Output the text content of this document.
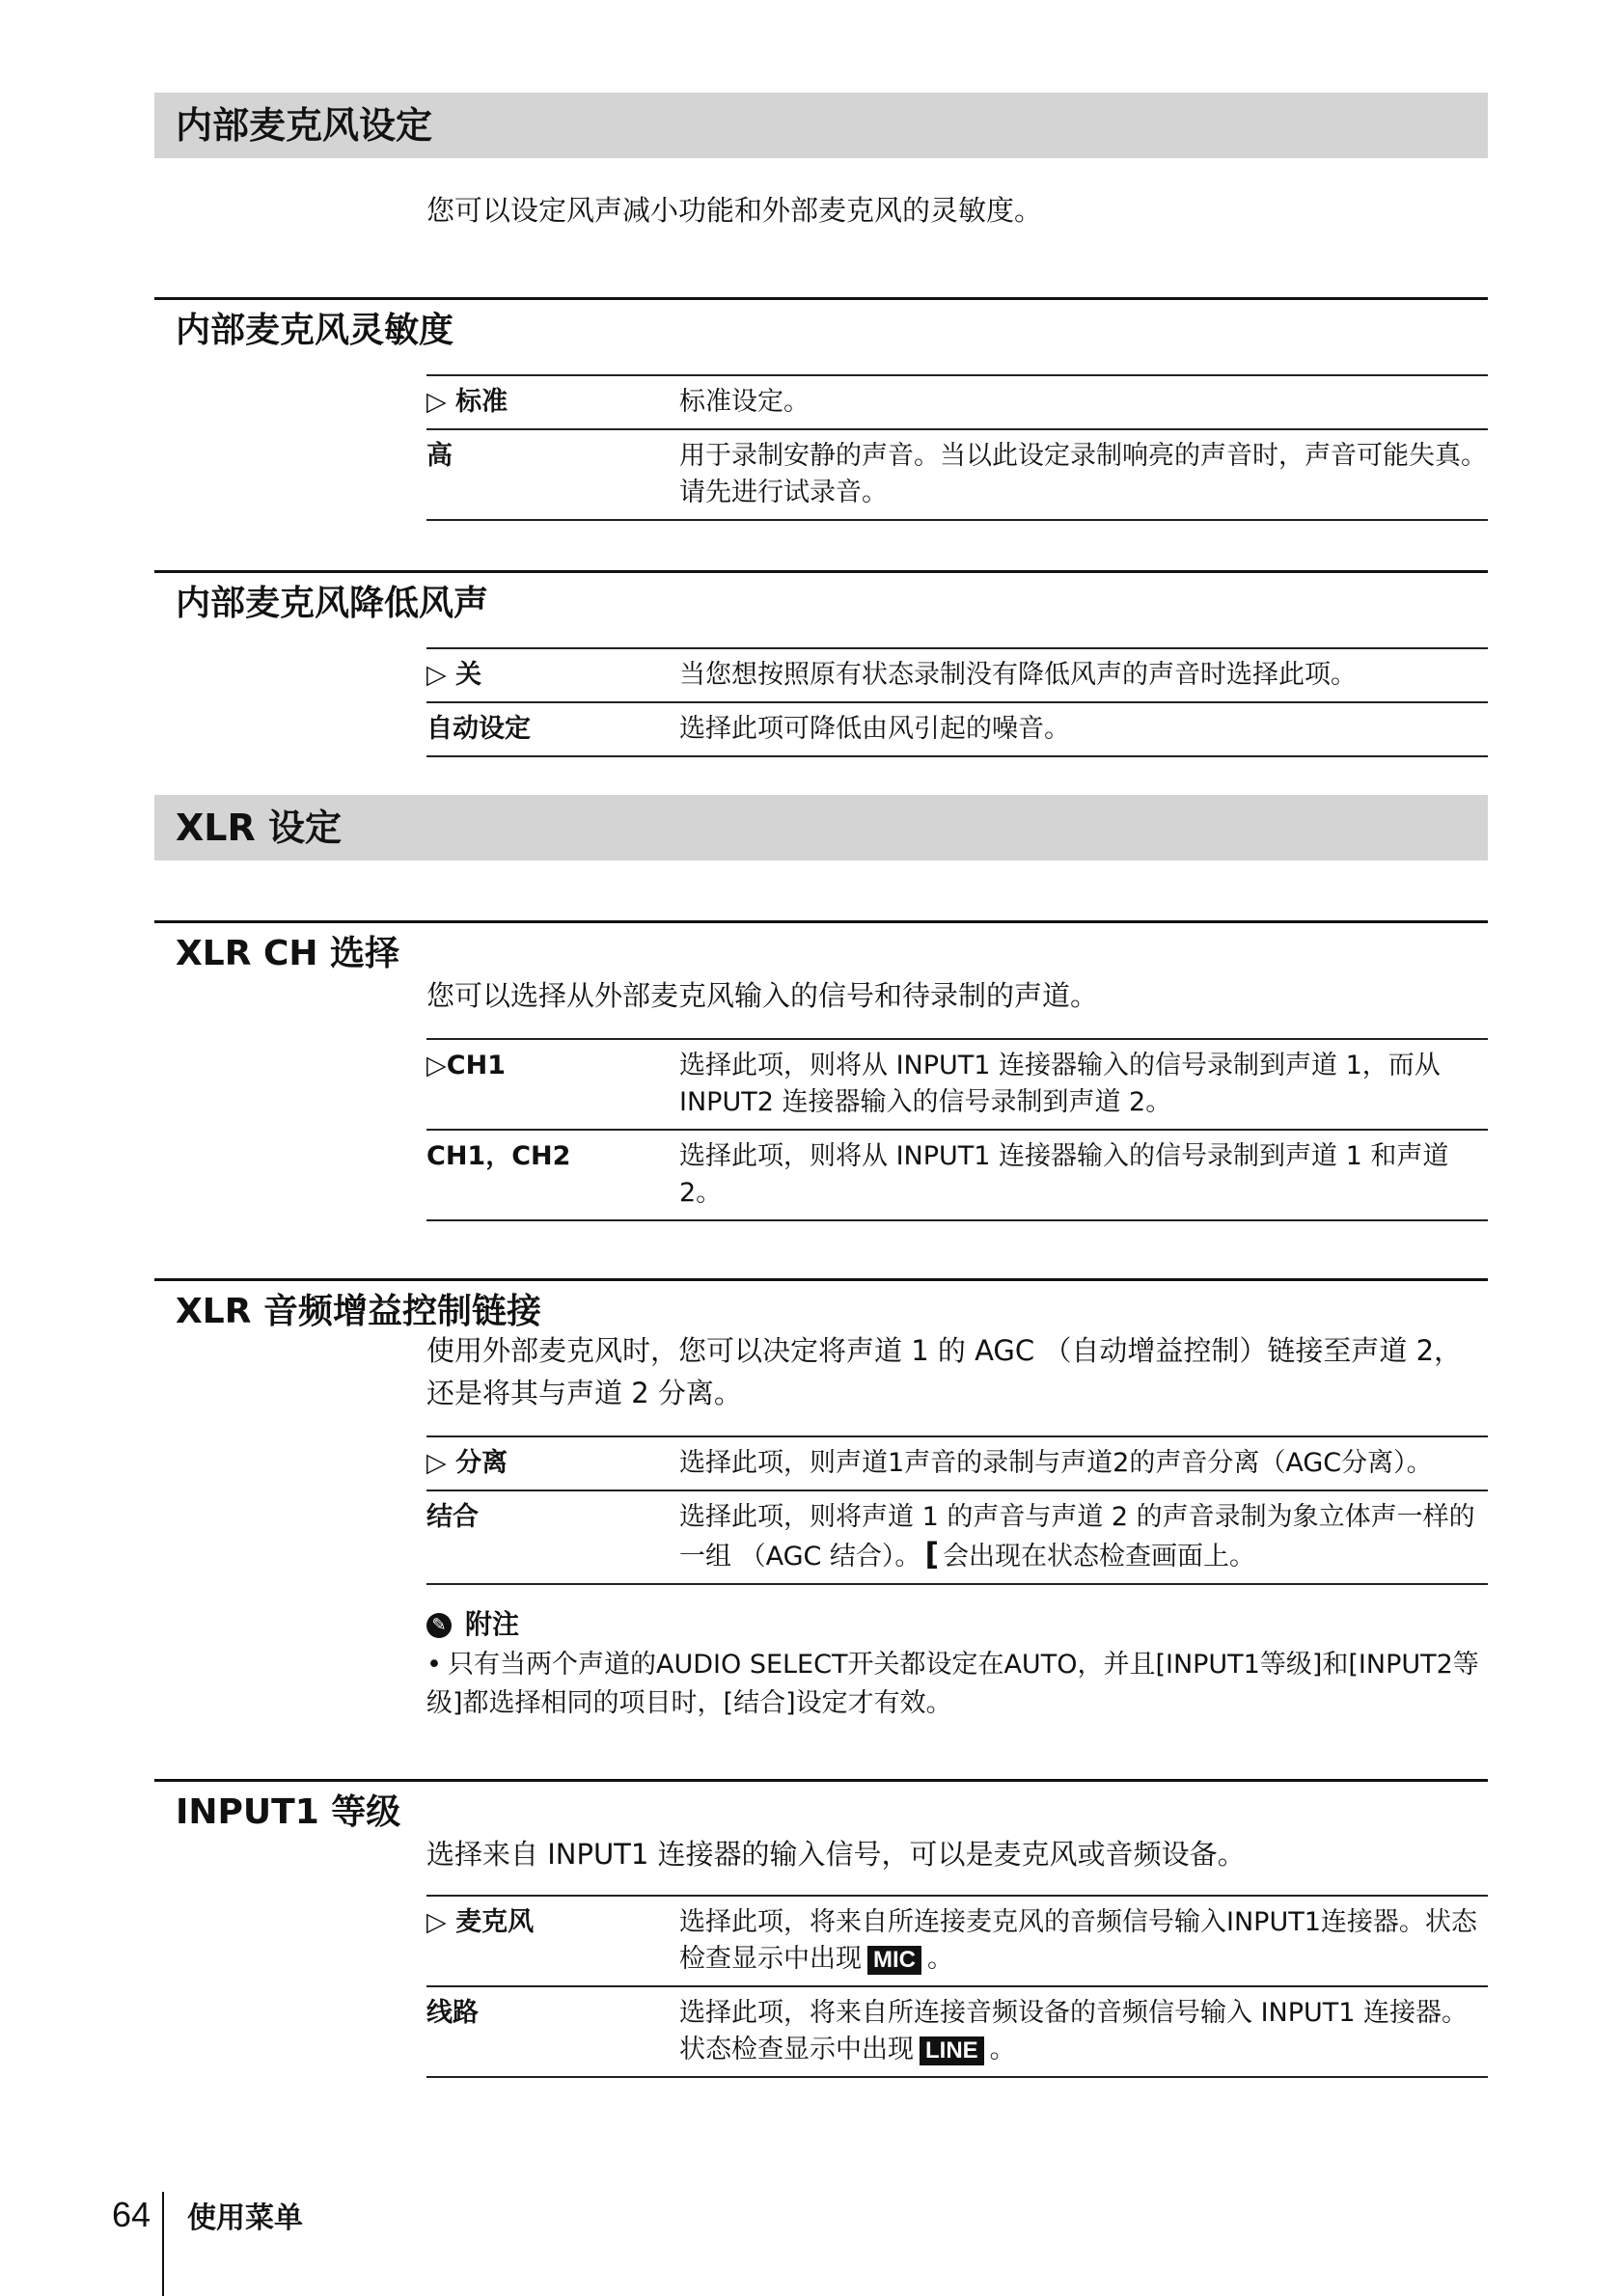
内部麦克风设定
您可以设定风声减小功能和外部麦克风的灵敏度。
内部麦克风灵敏度
▷ 标准	标准设定。
高	用于录制安静的声音。当以此设定录制响亮的声音时，声音可能失真。请先进行试录音。
内部麦克风降低风声
▷ 关	当您想按照原有状态录制没有降低风声的声音时选择此项。
自动设定	选择此项可降低由风引起的噪音。
XLR 设定
XLR CH 选择
您可以选择从外部麦克风输入的信号和待录制的声道。
▷CH1	选择此项，则将从 INPUT1 连接器输入的信号录制到声道 1，而从 INPUT2 连接器输入的信号录制到声道 2。
CH1，CH2	选择此项，则将从 INPUT1 连接器输入的信号录制到声道 1 和声道 2。
XLR 音频增益控制链接
使用外部麦克风时，您可以决定将声道 1 的 AGC （自动增益控制）链接至声道 2，还是将其与声道 2 分离。
▷ 分离	选择此项，则声道1声音的录制与声道2的声音分离（AGC分离）。
结合	选择此项，则将声道 1 的声音与声道 2 的声音录制为象立体声一样的一组 （AGC 结合）。 [ 会出现在状态检查画面上。
✎ 附注
• 只有当两个声道的AUDIO SELECT开关都设定在AUTO，并且[INPUT1等级]和[INPUT2等级]都选择相同的项目时，[结合]设定才有效。
INPUT1 等级
选择来自 INPUT1 连接器的输入信号，可以是麦克风或音频设备。
▷ 麦克风	选择此项，将来自所连接麦克风的音频信号输入INPUT1连接器。状态检查显示中出现 MIC 。
线路	选择此项，将来自所连接音频设备的音频信号输入 INPUT1 连接器。状态检查显示中出现 LINE 。
64 使用菜单
